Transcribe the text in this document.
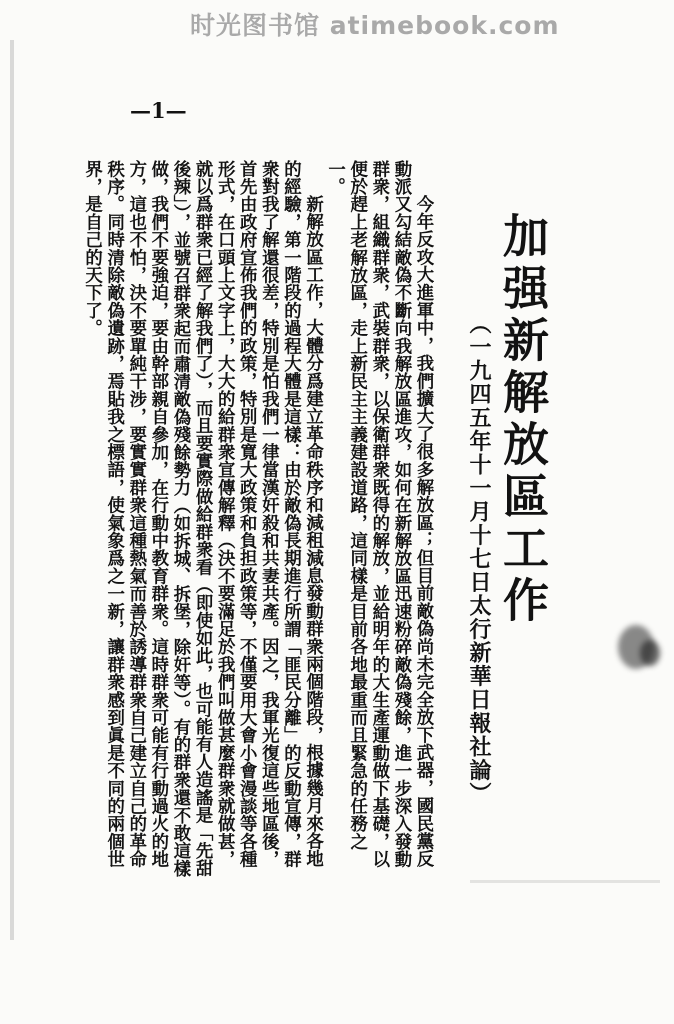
时光图书馆 atimebook.com
—1—
加强新解放區工作
（一九四五年十一月十七日太行新華日報社論）

今年反攻大進軍中，我們擴大了很多解放區；但目前敵偽尚未完全放下武器，國民黨反動派又勾結敵偽不斷向我解放區進攻，如何在新解放區迅速粉碎敵偽殘餘，進一步深入發動群衆，組織群衆，武裝群衆，以保衛群衆既得的解放，並給明年的大生產運動做下基礎，以便於趕上老解放區，走上新民主主義建設道路，這同樣是目前各地最重而且緊急的任務之一。

新解放區工作，大體分爲建立革命秩序和減租減息發動群衆兩個階段，根據幾月來各地的經驗，第一階段的過程大體是這樣：由於敵偽長期進行所謂「匪民分離」的反動宣傳，群衆對我了解還很差，特別是怕我們一律當漢奸殺和共妻共產。因之，我軍光復這些地區後，首先由政府宣佈我們的政策，特別是寬大政策和負担政策等，不僅要用大會小會漫談等各種形式，在口頭上文字上，大大的給群衆宣傳解釋（決不要滿足於我們叫做甚麼群衆就做甚，就以爲群衆已經了解我們了），而且要實際做給群衆看（即使如此，也可能有人造謠是「先甜後辣」），並號召群衆起而肅清敵偽殘餘勢力（如拆城、拆堡，除奸等）。有的群衆還不敢這樣做，我們不要強迫，要由幹部親自參加，在行動中教育群衆。這時群衆可能有行動過火的地方，這也不怕，決不要單純干涉，要實實群衆這種熱氣而善於誘導群衆自己建立自己的革命秩序。同時清除敵偽遺跡，焉貼我之標語，使氣象爲之一新，讓群衆感到眞是不同的兩個世界，是自己的天下了。
